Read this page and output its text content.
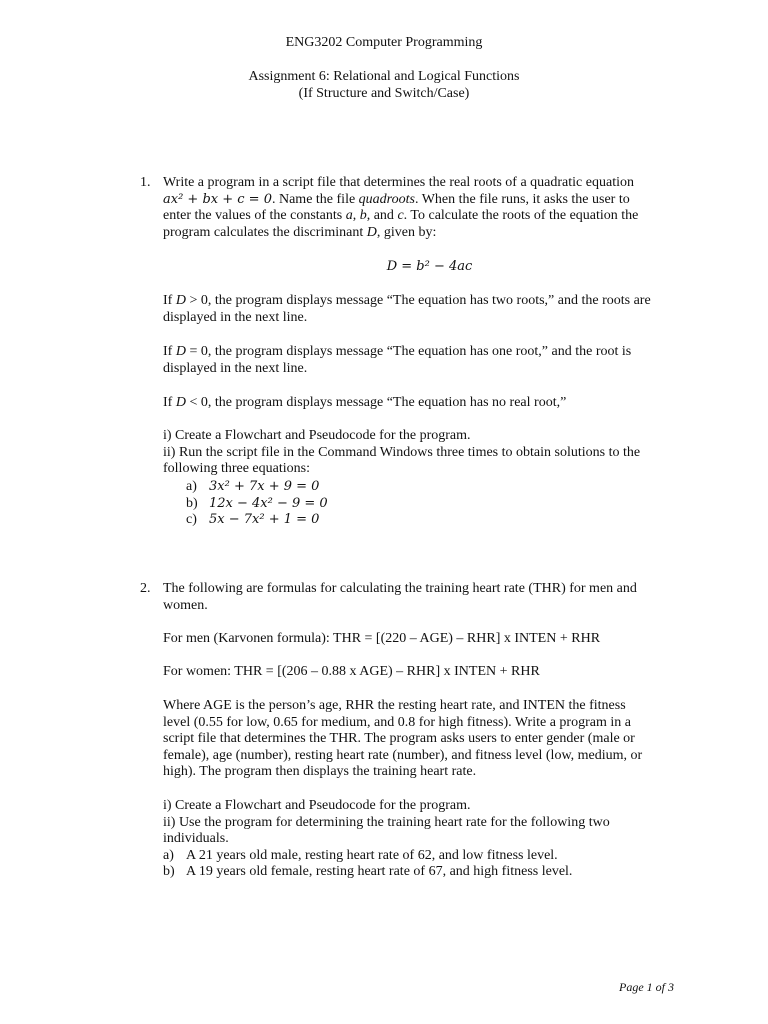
ENG3202 Computer Programming
Assignment 6: Relational and Logical Functions
(If Structure and Switch/Case)
1. Write a program in a script file that determines the real roots of a quadratic equation
ax² + bx + c = 0. Name the file quadroots. When the file runs, it asks the user to
enter the values of the constants a, b, and c. To calculate the roots of the equation the
program calculates the discriminant D, given by:
D = b² − 4ac
If D > 0, the program displays message “The equation has two roots,” and the roots are
displayed in the next line.
If D = 0, the program displays message “The equation has one root,” and the root is
displayed in the next line.
If D < 0, the program displays message “The equation has no real root,”
i) Create a Flowchart and Pseudocode for the program.
ii) Run the script file in the Command Windows three times to obtain solutions to the
following three equations:
a) 3x² + 7x + 9 = 0
b) 12x − 4x² − 9 = 0
c) 5x − 7x² + 1 = 0
2. The following are formulas for calculating the training heart rate (THR) for men and
women.
For men (Karvonen formula): THR = [(220 – AGE) – RHR] x INTEN + RHR
For women: THR = [(206 – 0.88 x AGE) – RHR] x INTEN + RHR
Where AGE is the person’s age, RHR the resting heart rate, and INTEN the fitness
level (0.55 for low, 0.65 for medium, and 0.8 for high fitness). Write a program in a
script file that determines the THR. The program asks users to enter gender (male or
female), age (number), resting heart rate (number), and fitness level (low, medium, or
high). The program then displays the training heart rate.
i) Create a Flowchart and Pseudocode for the program.
ii) Use the program for determining the training heart rate for the following two
individuals.
a) A 21 years old male, resting heart rate of 62, and low fitness level.
b) A 19 years old female, resting heart rate of 67, and high fitness level.
Page 1 of 3
